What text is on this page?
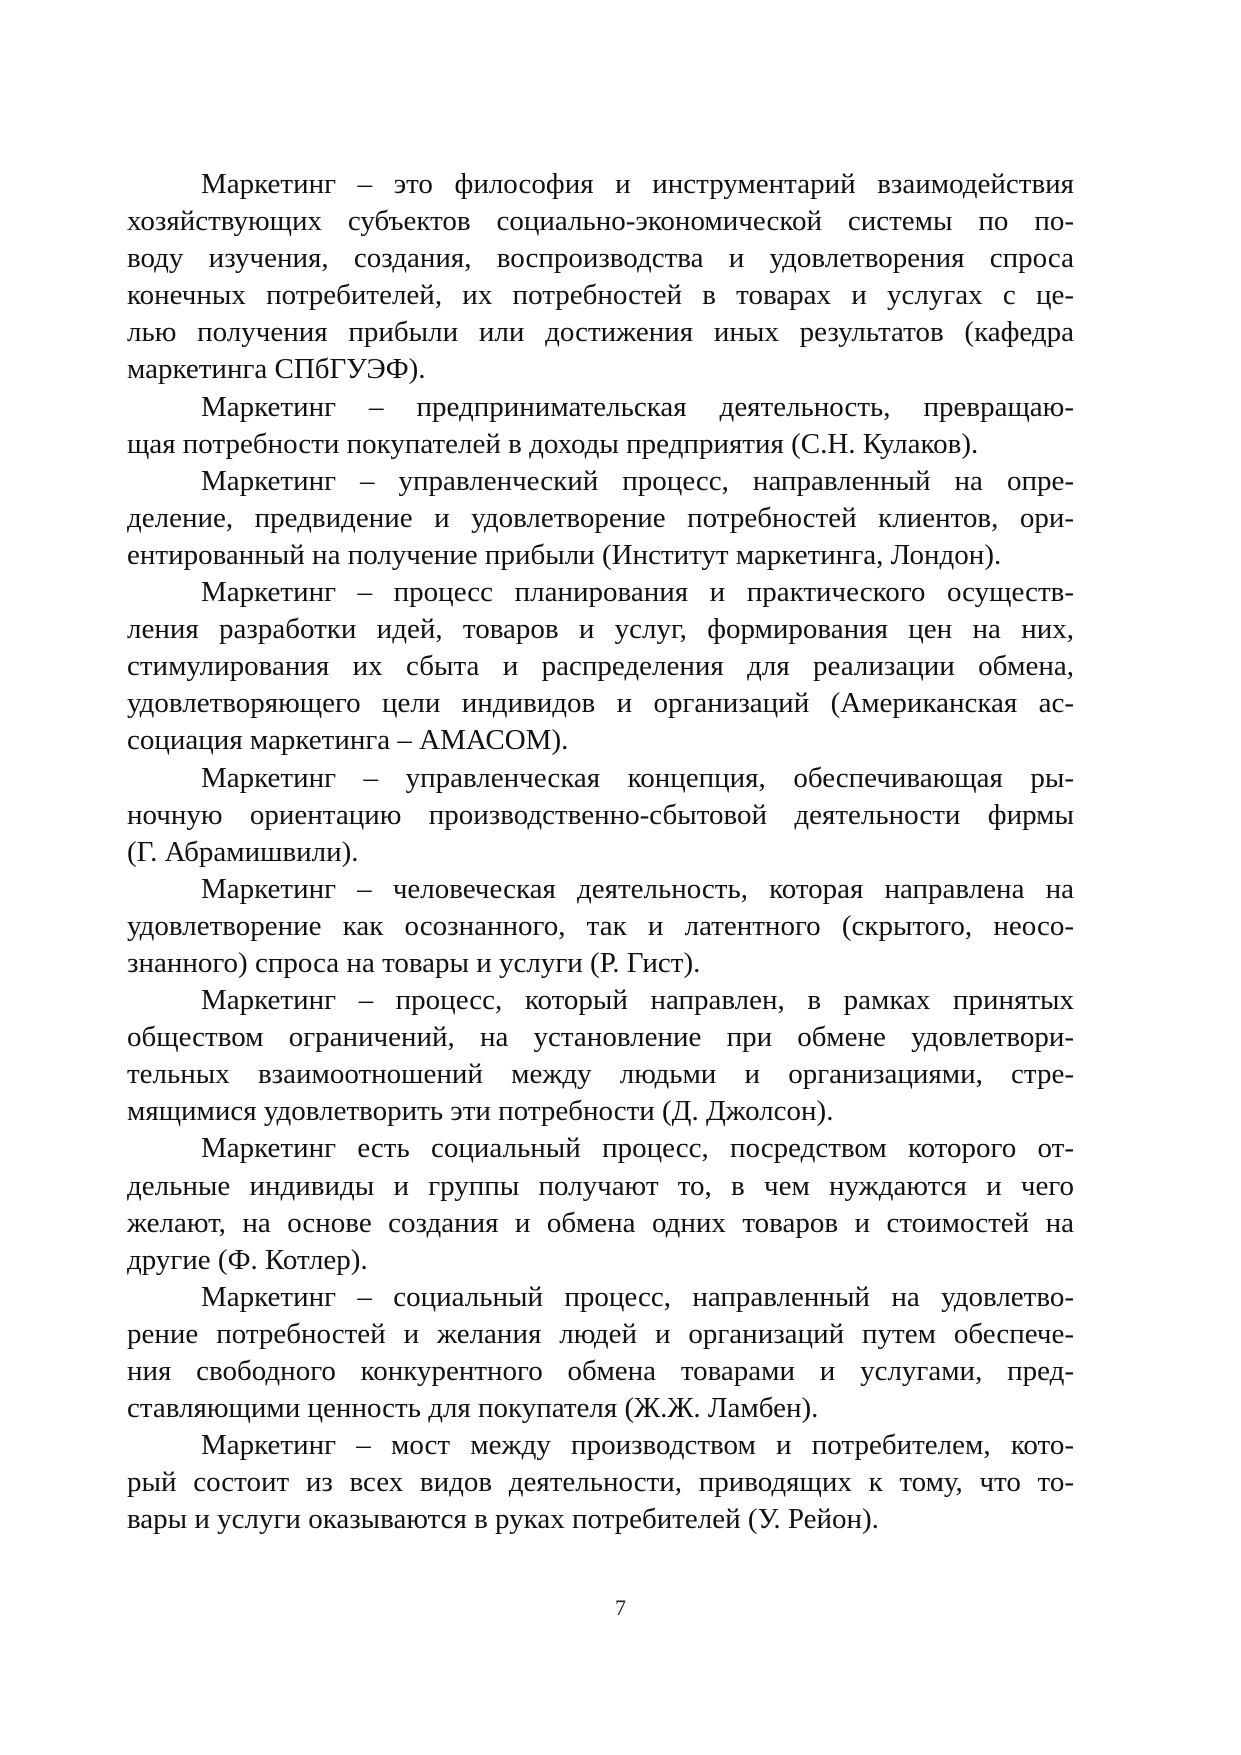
Маркетинг – это философия и инструментарий взаимодействия
хозяйствующих субъектов социально-экономической системы по по-
воду изучения, создания, воспроизводства и удовлетворения спроса
конечных потребителей, их потребностей в товарах и услугах с це-
лью получения прибыли или достижения иных результатов (кафедра
маркетинга СПбГУЭФ).

Маркетинг – предпринимательская деятельность, превращаю-
щая потребности покупателей в доходы предприятия (С.Н. Кулаков).

Маркетинг – управленческий процесс, направленный на опре-
деление, предвидение и удовлетворение потребностей клиентов, ори-
ентированный на получение прибыли (Институт маркетинга, Лондон).

Маркетинг – процесс планирования и практического осуществ-
ления разработки идей, товаров и услуг, формирования цен на них,
стимулирования их сбыта и распределения для реализации обмена,
удовлетворяющего цели индивидов и организаций (Американская ас-
социация маркетинга – АМАСОМ).

Маркетинг – управленческая концепция, обеспечивающая ры-
ночную ориентацию производственно-сбытовой деятельности фирмы
(Г. Абрамишвили).

Маркетинг – человеческая деятельность, которая направлена на
удовлетворение как осознанного, так и латентного (скрытого, неосо-
знанного) спроса на товары и услуги (Р. Гист).

Маркетинг – процесс, который направлен, в рамках принятых
обществом ограничений, на установление при обмене удовлетвори-
тельных взаимоотношений между людьми и организациями, стре-
мящимися удовлетворить эти потребности (Д. Джолсон).

Маркетинг есть социальный процесс, посредством которого от-
дельные индивиды и группы получают то, в чем нуждаются и чего
желают, на основе создания и обмена одних товаров и стоимостей на
другие (Ф. Котлер).

Маркетинг – социальный процесс, направленный на удовлетво-
рение потребностей и желания людей и организаций путем обеспече-
ния свободного конкурентного обмена товарами и услугами, пред-
ставляющими ценность для покупателя (Ж.Ж. Ламбен).

Маркетинг – мост между производством и потребителем, кото-
рый состоит из всех видов деятельности, приводящих к тому, что то-
вары и услуги оказываются в руках потребителей (У. Рейон).

7
